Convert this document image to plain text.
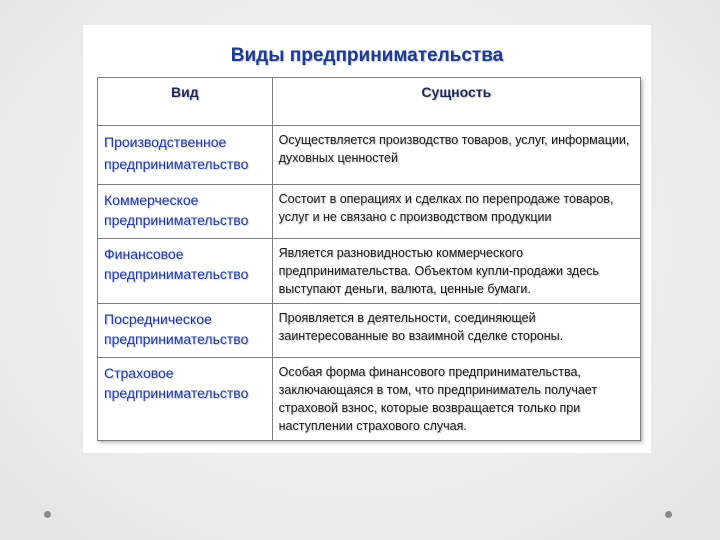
Виды предпринимательства
Вид	Сущность
Производственное предпринимательство	Осуществляется производство товаров, услуг, информации, духовных ценностей
Коммерческое предпринимательство	Состоит в операциях и сделках по перепродаже товаров, услуг и не связано с производством продукции
Финансовое предпринимательство	Является разновидностью коммерческого предпринимательства. Объектом купли-продажи здесь выступают деньги, валюта, ценные бумаги.
Посредническое предпринимательство	Проявляется в деятельности, соединяющей заинтересованные во взаимной сделке стороны.
Страховое предпринимательство	Особая форма финансового предпринимательства, заключающаяся в том, что предприниматель получает страховой взнос, которые возвращается только при наступлении страхового случая.
